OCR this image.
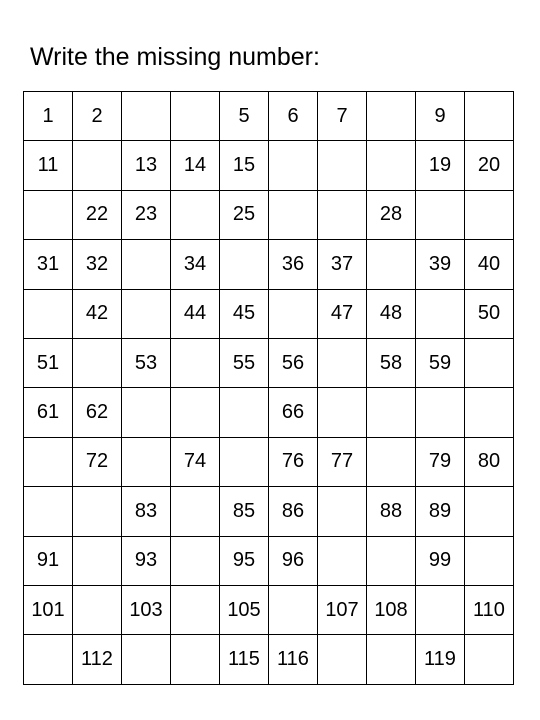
Write the missing number:
1	2			5	6	7		9	
11		13	14	15				19	20
	22	23		25			28		
31	32		34		36	37		39	40
	42		44	45		47	48		50
51		53		55	56		58	59	
61	62				66				
	72		74		76	77		79	80
		83		85	86		88	89	
91		93		95	96			99	
101		103		105		107	108		110
	112			115	116			119	
